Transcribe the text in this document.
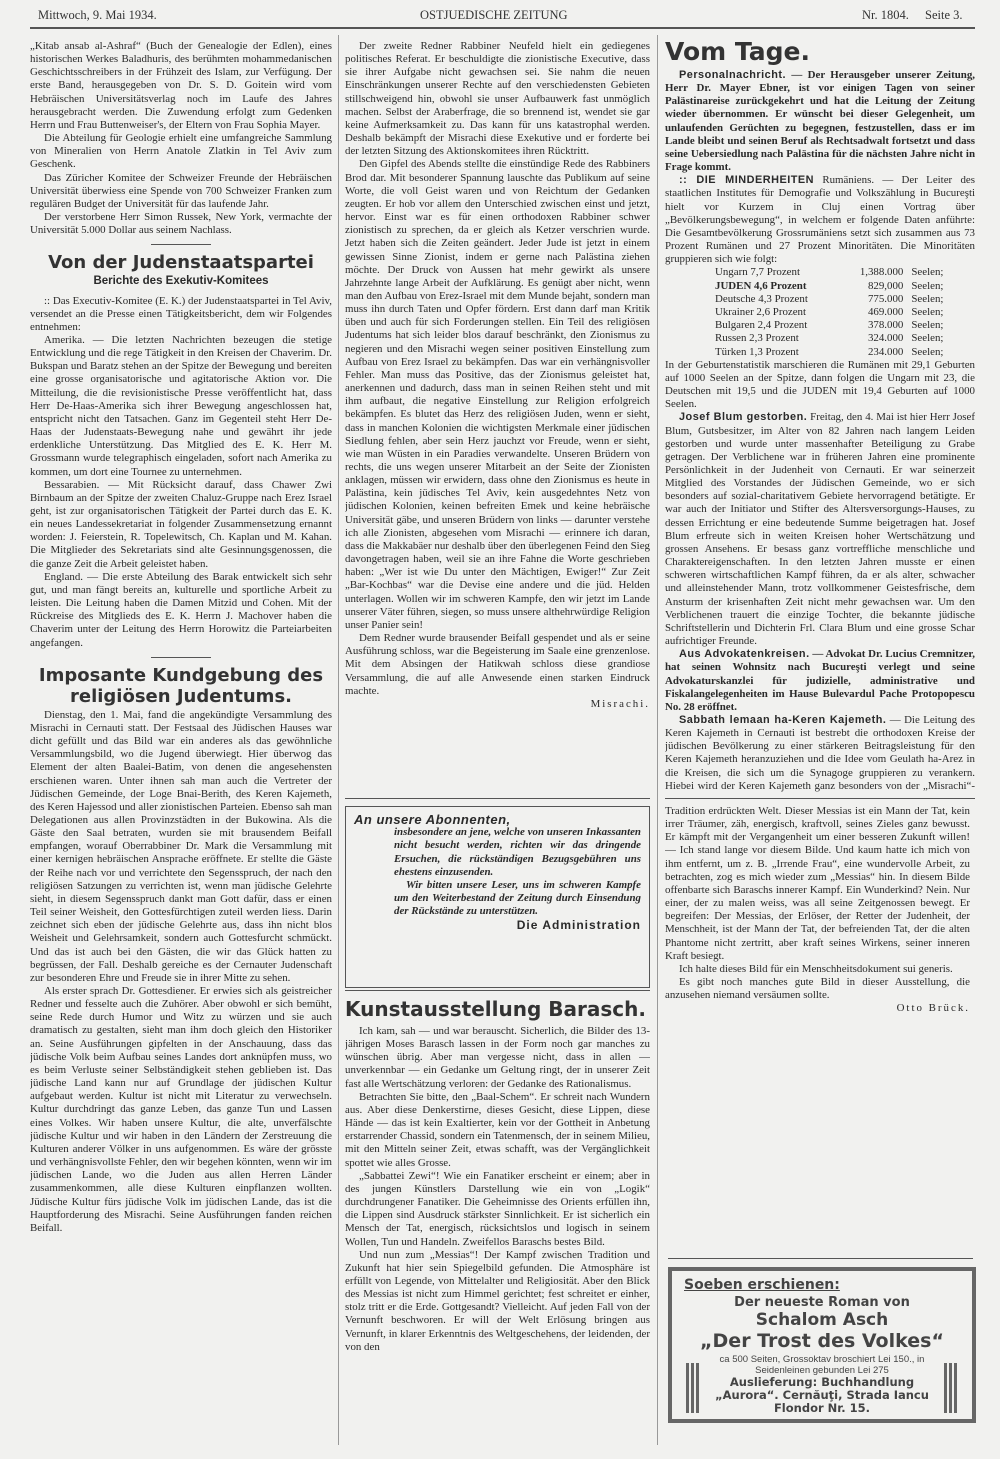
Mittwoch, 9. Mai 1934.	OSTJUEDISCHE ZEITUNG	Nr. 1804. Seite 3.

„Kitab ansab al-Ashraf“ (Buch der Genealogie der Edlen), eines historischen Werkes Baladhuris, des berühmten mohammedanischen Geschichtsschreibers in der Frühzeit des Islam, zur Verfügung. Der erste Band, herausgegeben von Dr. S. D. Goitein wird vom Hebräischen Universitätsverlag noch im Laufe des Jahres herausgebracht werden. Die Zuwendung erfolgt zum Gedenken Herrn und Frau Buttenweiser's, der Eltern von Frau Sophia Mayer.

Die Abteilung für Geologie erhielt eine umfangreiche Sammlung von Mineralien von Herrn Anatole Zlatkin in Tel Aviv zum Geschenk.

Das Züricher Komitee der Schweizer Freunde der Hebräischen Universität überwiess eine Spende von 700 Schweizer Franken zum regulären Budget der Universität für das laufende Jahr.

Der verstorbene Herr Simon Russek, New York, vermachte der Universität 5.000 Dollar aus seinem Nachlass.

Von der Judenstaatspartei
Berichte des Exekutiv-Komitees

:: Das Executiv-Komitee (E. K.) der Judenstaatspartei in Tel Aviv, versendet an die Presse einen Tätigkeitsbericht, dem wir Folgendes entnehmen:

Amerika. — Die letzten Nachrichten bezeugen die stetige Entwicklung und die rege Tätigkeit in den Kreisen der Chaverim. Dr. Bukspan und Baratz stehen an der Spitze der Bewegung und bereiten eine grosse organisatorische und agitatorische Aktion vor. Die Mitteilung, die die revisionistische Presse veröffentlicht hat, dass Herr De-Haas-Amerika sich ihrer Bewegung angeschlossen hat, entspricht nicht den Tatsachen. Ganz im Gegenteil steht Herr De-Haas der Judenstaats-Bewegung nahe und gewährt ihr jede erdenkliche Unterstützung. Das Mitglied des E. K. Herr M. Grossmann wurde telegraphisch eingeladen, sofort nach Amerika zu kommen, um dort eine Tournee zu unternehmen.

Bessarabien. — Mit Rücksicht darauf, dass Chawer Zwi Birnbaum an der Spitze der zweiten Chaluz-Gruppe nach Erez Israel geht, ist zur organisatorischen Tätigkeit der Partei durch das E. K. ein neues Landessekretariat in folgender Zusammensetzung ernannt worden: J. Feierstein, R. Topelewitsch, Ch. Kaplan und M. Kahan. Die Mitglieder des Sekretariats sind alte Gesinnungsgenossen, die die ganze Zeit die Arbeit geleistet haben.

England. — Die erste Abteilung des Barak entwickelt sich sehr gut, und man fängt bereits an, kulturelle und sportliche Arbeit zu leisten. Die Leitung haben die Damen Mitzid und Cohen. Mit der Rückreise des Mitglieds des E. K. Herrn J. Machover haben die Chaverim unter der Leitung des Herrn Horowitz die Parteiarbeiten angefangen.

Imposante Kundgebung des religiösen Judentums.

Dienstag, den 1. Mai, fand die angekündigte Versammlung des Misrachi in Cernauti statt. Der Festsaal des Jüdischen Hauses war dicht gefüllt und das Bild war ein anderes als das gewöhnliche Versammlungsbild, wo die Jugend überwiegt. Hier überwog das Element der alten Baalei-Batim, von denen die angesehensten erschienen waren. Unter ihnen sah man auch die Vertreter der Jüdischen Gemeinde, der Loge Bnai-Berith, des Keren Kajemeth, des Keren Hajessod und aller zionistischen Parteien. Ebenso sah man Delegationen aus allen Provinzstädten in der Bukowina. Als die Gäste den Saal betraten, wurden sie mit brausendem Beifall empfangen, worauf Oberrabbiner Dr. Mark die Versammlung mit einer kernigen hebräischen Ansprache eröffnete. Er stellte die Gäste der Reihe nach vor und verrichtete den Segensspruch, der nach den religiösen Satzungen zu verrichten ist, wenn man jüdische Gelehrte sieht, in diesem Segensspruch dankt man Gott dafür, dass er einen Teil seiner Weisheit, den Gottesfürchtigen zuteil werden liess. Darin zeichnet sich eben der jüdische Gelehrte aus, dass ihn nicht blos Weisheit und Gelehrsamkeit, sondern auch Gottesfurcht schmückt. Und das ist auch bei den Gästen, die wir das Glück hatten zu begrüssen, der Fall. Deshalb gereiche es der Cernauter Judenschaft zur besonderen Ehre und Freude sie in ihrer Mitte zu sehen.

Als erster sprach Dr. Gottesdiener. Er erwies sich als geistreicher Redner und fesselte auch die Zuhörer. Aber obwohl er sich bemüht, seine Rede durch Humor und Witz zu würzen und sie auch dramatisch zu gestalten, sieht man ihm doch gleich den Historiker an. Seine Ausführungen gipfelten in der Anschauung, dass das jüdische Volk beim Aufbau seines Landes dort anknüpfen muss, wo es beim Verluste seiner Selbständigkeit stehen geblieben ist. Das jüdische Land kann nur auf Grundlage der jüdischen Kultur aufgebaut werden. Kultur ist nicht mit Literatur zu verwechseln. Kultur durchdringt das ganze Leben, das ganze Tun und Lassen eines Volkes. Wir haben unsere Kultur, die alte, unverfälschte jüdische Kultur und wir haben in den Ländern der Zerstreuung die Kulturen anderer Völker in uns aufgenommen. Es wäre der grösste und verhängnisvollste Fehler, den wir begehen könnten, wenn wir im jüdischen Lande, wo die Juden aus allen Herren Länder zusammenkommen, alle diese Kulturen einpflanzen wollten. Jüdische Kultur fürs jüdische Volk im jüdischen Lande, das ist die Hauptforderung des Misrachi. Seine Ausführungen fanden reichen Beifall.

Der zweite Redner Rabbiner Neufeld hielt ein gediegenes politisches Referat. Er beschuldigte die zionistische Executive, dass sie ihrer Aufgabe nicht gewachsen sei. Sie nahm die neuen Einschränkungen unserer Rechte auf den verschiedensten Gebieten stillschweigend hin, obwohl sie unser Aufbauwerk fast unmöglich machen. Selbst der Araberfrage, die so brennend ist, wendet sie gar keine Aufmerksamkeit zu. Das kann für uns katastrophal werden. Deshalb bekämpft der Misrachi diese Exekutive und er forderte bei der letzten Sitzung des Aktionskomitees ihren Rücktritt.

Den Gipfel des Abends stellte die einstündige Rede des Rabbiners Brod dar. Mit besonderer Spannung lauschte das Publikum auf seine Worte, die voll Geist waren und von Reichtum der Gedanken zeugten. Er hob vor allem den Unterschied zwischen einst und jetzt, hervor. Einst war es für einen orthodoxen Rabbiner schwer zionistisch zu sprechen, da er gleich als Ketzer verschrien wurde. Jetzt haben sich die Zeiten geändert. Jeder Jude ist jetzt in einem gewissen Sinne Zionist, indem er gerne nach Palästina ziehen möchte. Der Druck von Aussen hat mehr gewirkt als unsere Jahrzehnte lange Arbeit der Aufklärung. Es genügt aber nicht, wenn man den Aufbau von Erez-Israel mit dem Munde bejaht, sondern man muss ihn durch Taten und Opfer fördern. Erst dann darf man Kritik üben und auch für sich Forderungen stellen. Ein Teil des religiösen Judentums hat sich leider blos darauf beschränkt, den Zionismus zu negieren und den Misrachi wegen seiner positiven Einstellung zum Aufbau von Erez Israel zu bekämpfen. Das war ein verhängnisvoller Fehler. Man muss das Positive, das der Zionismus geleistet hat, anerkennen und dadurch, dass man in seinen Reihen steht und mit ihm aufbaut, die negative Einstellung zur Religion erfolgreich bekämpfen. Es blutet das Herz des religiösen Juden, wenn er sieht, dass in manchen Kolonien die wichtigsten Merkmale einer jüdischen Siedlung fehlen, aber sein Herz jauchzt vor Freude, wenn er sieht, wie man Wüsten in ein Paradies verwandelte. Unseren Brüdern von rechts, die uns wegen unserer Mitarbeit an der Seite der Zionisten anklagen, müssen wir erwidern, dass ohne den Zionismus es heute in Palästina, kein jüdisches Tel Aviv, kein ausgedehntes Netz von jüdischen Kolonien, keinen befreiten Emek und keine hebräische Universität gäbe, und unseren Brüdern von links — darunter verstehe ich alle Zionisten, abgesehen vom Misrachi — erinnere ich daran, dass die Makkabäer nur deshalb über den überlegenen Feind den Sieg davongetragen haben, weil sie an ihre Fahne die Worte geschrieben haben: „Wer ist wie Du unter den Mächtigen, Ewiger!“ Zur Zeit „Bar-Kochbas“ war die Devise eine andere und die jüd. Helden unterlagen. Wollen wir im schweren Kampfe, den wir jetzt im Lande unserer Väter führen, siegen, so muss unsere althehrwürdige Religion unser Panier sein!

Dem Redner wurde brausender Beifall gespendet und als er seine Ausführung schloss, war die Begeisterung im Saale eine grenzenlose. Mit dem Absingen der Hatikwah schloss diese grandiose Versammlung, die auf alle Anwesende einen starken Eindruck machte.

Misrachi.

An unsere Abonnenten,
insbesondere an jene, welche von unseren Inkassanten nicht besucht werden, richten wir das dringende Ersuchen, die rückständigen Bezugsgebühren uns ehestens einzusenden.
Wir bitten unsere Leser, uns im schweren Kampfe um den Weiterbestand der Zeitung durch Einsendung der Rückstände zu unterstützen.
Die Administration
Kunstausstellung Barasch.

Ich kam, sah — und war berauscht. Sicherlich, die Bilder des 13-jährigen Moses Barasch lassen in der Form noch gar manches zu wünschen übrig. Aber man vergesse nicht, dass in allen — unverkennbar — ein Gedanke um Geltung ringt, der in unserer Zeit fast alle Wertschätzung verloren: der Gedanke des Rationalismus.

Betrachten Sie bitte, den „Baal-Schem“. Er schreit nach Wundern aus. Aber diese Denkerstirne, dieses Gesicht, diese Lippen, diese Hände — das ist kein Exaltierter, kein vor der Gottheit in Anbetung erstarrender Chassid, sondern ein Tatenmensch, der in seinem Milieu, mit den Mitteln seiner Zeit, etwas schafft, was der Vergänglichkeit spottet wie alles Grosse.

„Sabbattei Zewi“! Wie ein Fanatiker erscheint er einem; aber in des jungen Künstlers Darstellung wie ein von „Logik“ durchdrungener Fanatiker. Die Geheimnisse des Orients erfüllen ihn, die Lippen sind Ausdruck stärkster Sinnlichkeit. Er ist sicherlich ein Mensch der Tat, energisch, rücksichtslos und logisch in seinem Wollen, Tun und Handeln. Zweifellos Baraschs bestes Bild.

Und nun zum „Messias“! Der Kampf zwischen Tradition und Zukunft hat hier sein Spiegelbild gefunden. Die Atmosphäre ist erfüllt von Legende, von Mittelalter und Religiosität. Aber den Blick des Messias ist nicht zum Himmel gerichtet; fest schreitet er einher, stolz tritt er die Erde. Gottgesandt? Vielleicht. Auf jeden Fall von der Vernunft beschworen. Er will der Welt Erlösung bringen aus Vernunft, in klarer Erkenntnis des Weltgeschehens, der leidenden, der von den

Vom Tage.

Personalnachricht. — Der Herausgeber unserer Zeitung, Herr Dr. Mayer Ebner, ist vor einigen Tagen von seiner Palästinareise zurückgekehrt und hat die Leitung der Zeitung wieder übernommen. Er wünscht bei dieser Gelegenheit, um unlaufenden Gerüchten zu begegnen, festzustellen, dass er im Lande bleibt und seinen Beruf als Rechtsadwalt fortsetzt und dass seine Uebersiedlung nach Palästina für die nächsten Jahre nicht in Frage kommt.

:: DIE MINDERHEITEN Rumäniens. — Der Leiter des staatlichen Institutes für Demografie und Volkszählung in Bucureşti hielt vor Kurzem in Cluj einen Vortrag über „Bevölkerungsbewegung“, in welchem er folgende Daten anführte: Die Gesamtbevölkerung Grossrumäniens setzt sich zusammen aus 73 Prozent Rumänen und 27 Prozent Minoritäten. Die Minoritäten gruppieren sich wie folgt:

Ungarn 7,7 Prozent	1,388.000	Seelen;
JUDEN 4,6 Prozent	829,000	Seelen;
Deutsche 4,3 Prozent	775.000	Seelen;
Ukrainer 2,6 Prozent	469.000	Seelen;
Bulgaren 2,4 Prozent	378.000	Seelen;
Russen 2,3 Prozent	324.000	Seelen;
Türken 1,3 Prozent	234.000	Seelen;

In der Geburtenstatistik marschieren die Rumänen mit 29,1 Geburten auf 1000 Seelen an der Spitze, dann folgen die Ungarn mit 23, die Deutschen mit 19,5 und die JUDEN mit 19,4 Geburten auf 1000 Seelen.

Josef Blum gestorben. Freitag, den 4. Mai ist hier Herr Josef Blum, Gutsbesitzer, im Alter von 82 Jahren nach langem Leiden gestorben und wurde unter massenhafter Beteiligung zu Grabe getragen. Der Verblichene war in früheren Jahren eine prominente Persönlichkeit in der Judenheit von Cernauti. Er war seinerzeit Mitglied des Vorstandes der Jüdischen Gemeinde, wo er sich besonders auf sozial-charitativem Gebiete hervorragend betätigte. Er war auch der Initiator und Stifter des Altersversorgungs-Hauses, zu dessen Errichtung er eine bedeutende Summe beigetragen hat. Josef Blum erfreute sich in weiten Kreisen hoher Wertschätzung und grossen Ansehens. Er besass ganz vortreffliche menschliche und Charaktereigenschaften. In den letzten Jahren musste er einen schweren wirtschaftlichen Kampf führen, da er als alter, schwacher und alleinstehender Mann, trotz vollkommener Geistesfrische, dem Ansturm der krisenhaften Zeit nicht mehr gewachsen war. Um den Verblichenen trauert die einzige Tochter, die bekannte jüdische Schriftstellerin und Dichterin Frl. Clara Blum und eine grosse Schar aufrichtiger Freunde.

Aus Advokatenkreisen. — Advokat Dr. Lucius Cremnitzer, hat seinen Wohnsitz nach Bucureşti verlegt und seine Advokaturskanzlei für judizielle, administrative und Fiskalangelegenheiten im Hause Bulevardul Pache Protopopescu No. 28 eröffnet.

Sabbath lemaan ha-Keren Kajemeth. — Die Leitung des Keren Kajemeth in Cernauti ist bestrebt die orthodoxen Kreise der jüdischen Bevölkerung zu einer stärkeren Beitragsleistung für den Keren Kajemeth heranzuziehen und die Idee vom Geulath ha-Arez in die Kreisen, die sich um die Synagoge gruppieren zu verankern. Hiebei wird der Keren Kajemeth ganz besonders von der „Misrachi“-

Tradition erdrückten Welt. Dieser Messias ist ein Mann der Tat, kein irrer Träumer, zäh, energisch, kraftvoll, seines Zieles ganz bewusst. Er kämpft mit der Vergangenheit um einer besseren Zukunft willen! — Ich stand lange vor diesem Bilde. Und kaum hatte ich mich von ihm entfernt, um z. B. „Irrende Frau“, eine wundervolle Arbeit, zu betrachten, zog es mich wieder zum „Messias“ hin. In diesem Bilde offenbarte sich Baraschs innerer Kampf. Ein Wunderkind? Nein. Nur einer, der zu malen weiss, was all seine Zeitgenossen bewegt. Er begreifen: Der Messias, der Erlöser, der Retter der Judenheit, der Menschheit, ist der Mann der Tat, der befreienden Tat, der die alten Phantome nicht zertritt, aber kraft seines Wirkens, seiner inneren Kraft besiegt.

Ich halte dieses Bild für ein Menschheitsdokument sui generis.

Es gibt noch manches gute Bild in dieser Ausstellung, die anzusehen niemand versäumen sollte.

Otto Brück.

Soeben erschienen:
Der neueste Roman von
Schalom Asch
„Der Trost des Volkes“
ca 500 Seiten, Grossoktav broschiert Lei 150., in Seidenleinen gebunden Lei 275
Auslieferung: Buchhandlung
„Aurora“. Cernăuţi, Strada Iancu
Flondor Nr. 15.
